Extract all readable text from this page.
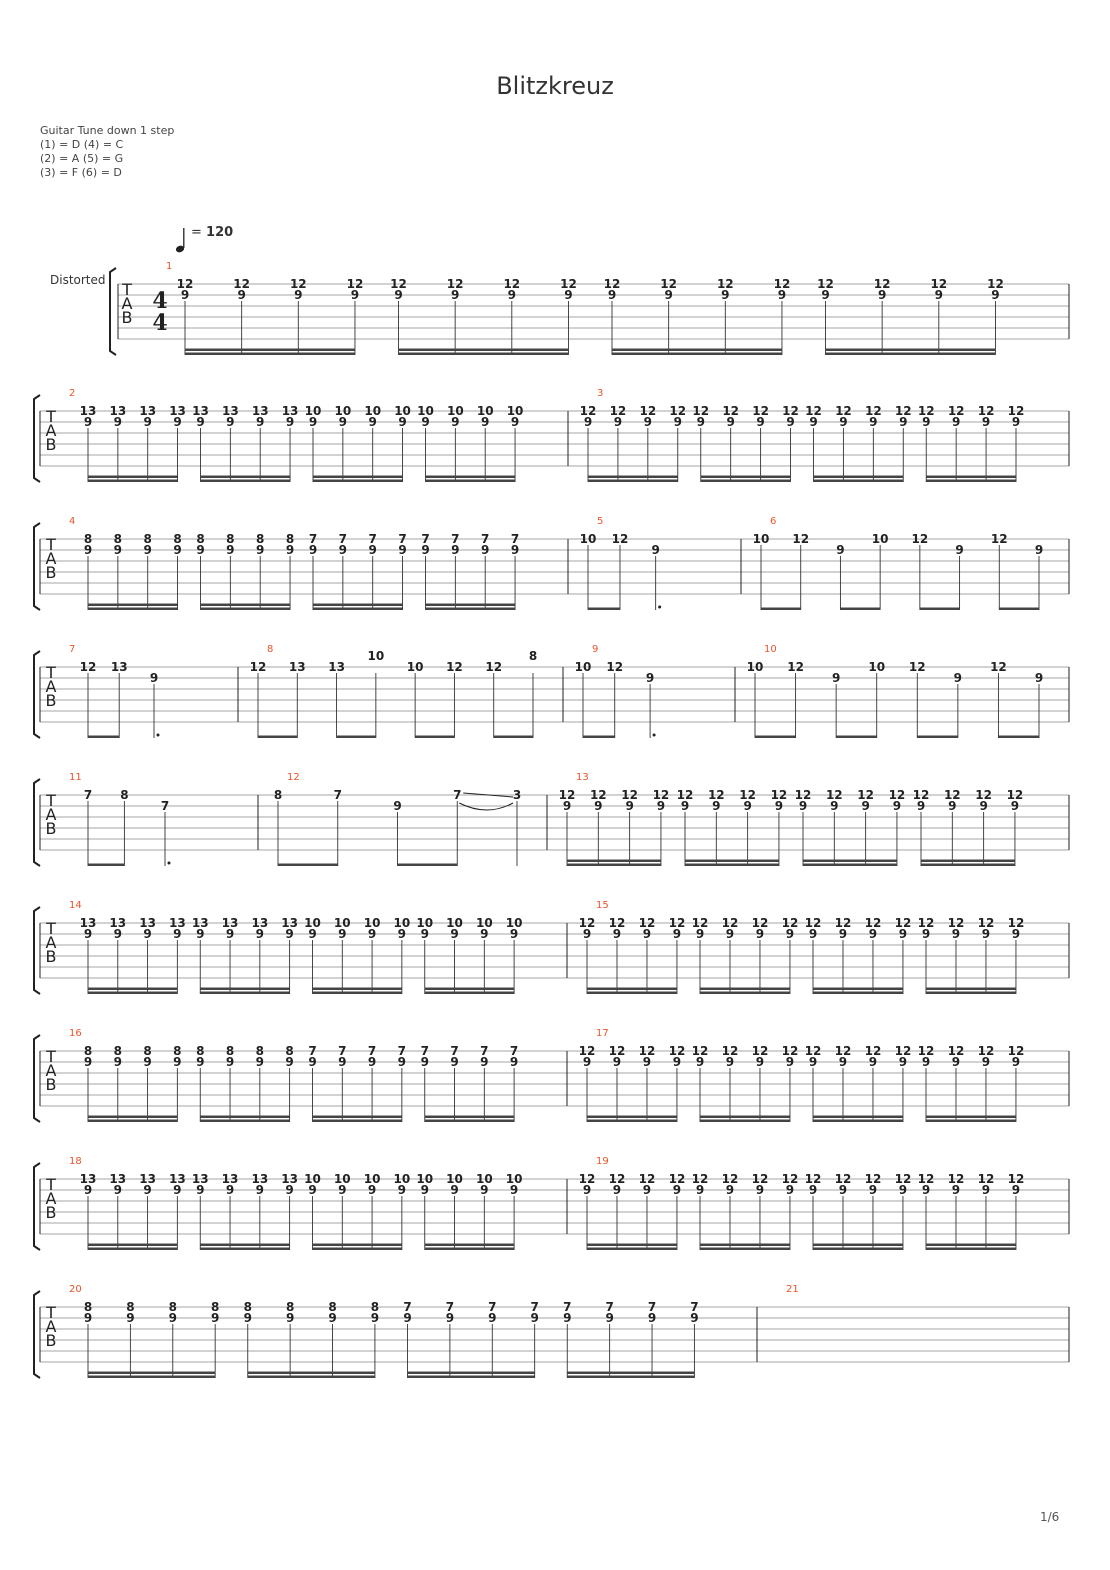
Blitzkreuz
Guitar Tune down 1 step
(1) = D (4) = C
(2) = A (5) = G
(3) = F (6) = D
= 120
Distorted T
A
B
4
4
1
12
9
12
9
12
9
12
9
12
9
12
9
12
9
12
9
12
9
12
9
12
9
12
9
12
9
12
9
12
9
12
9
T
A
B
2
13
9
13
9
13
9
13
9
13
9
13
9
13
9
13
9
10
9
10
9
10
9
10
9
10
9
10
9
10
9
10
9
3
12
9
12
9
12
9
12
9
12
9
12
9
12
9
12
9
12
9
12
9
12
9
12
9
12
9
12
9
12
9
12
9
T
A
B
4
8
9
8
9
8
9
8
9
8
9
8
9
8
9
8
9
7
9
7
9
7
9
7
9
7
9
7
9
7
9
7
9
5
10 12
9
6
10 12
9
10 12
9
12
9
T
A
B
7
12 13
9
8
12 13 13
10
10 12 12
8	9
10 12
9
10
10 12
9
10 12
9
12
9
T
A
B
11
7 8
7
12
8	7
9
7	3
13
12
9
12
9
12
9
12
9
12
9
12
9
12
9
12
9
12
9
12
9
12
9
12
9
12
9
12
9
12
9
12
9
T
A
B
14
13
9
13
9
13
9
13
9
13
9
13
9
13
9
13
9
10
9
10
9
10
9
10
9
10
9
10
9
10
9
10
9
15
12
9
12
9
12
9
12
9
12
9
12
9
12
9
12
9
12
9
12
9
12
9
12
9
12
9
12
9
12
9
12
9
T
A
B
16
8
9
8
9
8
9
8
9
8
9
8
9
8
9
8
9
7
9
7
9
7
9
7
9
7
9
7
9
7
9
7
9
17
12
9
12
9
12
9
12
9
12
9
12
9
12
9
12
9
12
9
12
9
12
9
12
9
12
9
12
9
12
9
12
9
T
A
B
18
13
9
13
9
13
9
13
9
13
9
13
9
13
9
13
9
10
9
10
9
10
9
10
9
10
9
10
9
10
9
10
9
19
12
9
12
9
12
9
12
9
12
9
12
9
12
9
12
9
12
9
12
9
12
9
12
9
12
9
12
9
12
9
12
9
T
A
B
20
8
9
8
9
8
9
8
9
8
9
8
9
8
9
8
9
7
9
7
9
7
9
7
9
7
9
7
9
7
9
7
9
21
1/6
